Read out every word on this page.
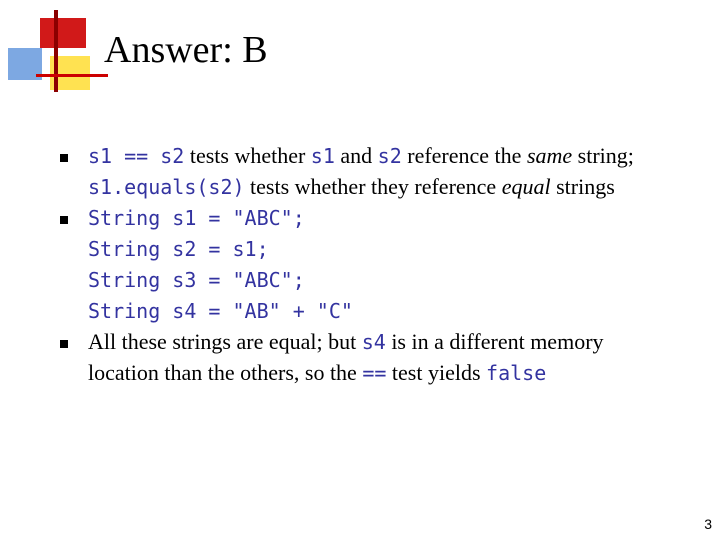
Answer: B
3
s1 == s2 tests whether s1 and s2 reference the same string;
s1.equals(s2) tests whether they reference equal strings
String s1 = "ABC";
String s2 = s1;
String s3 = "ABC";
String s4 = "AB" + "C"
All these strings are equal; but s4 is in a different memory
location than the others, so the == test yields false
